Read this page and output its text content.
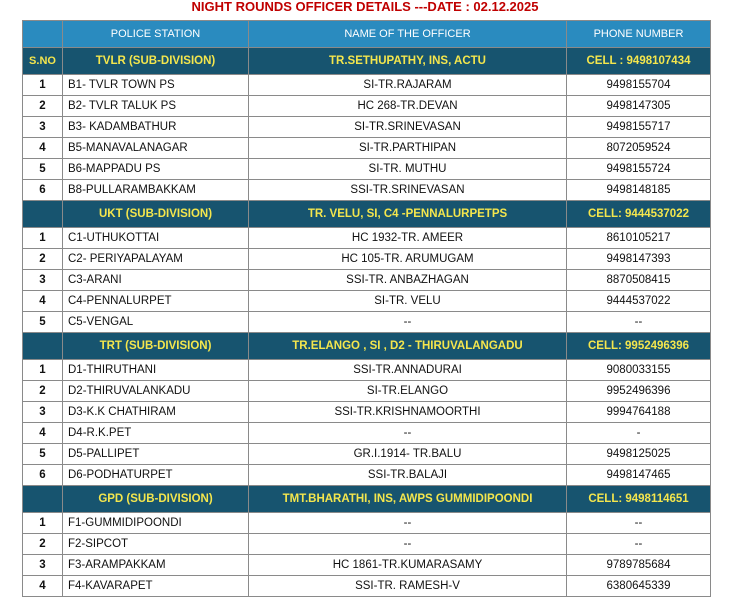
NIGHT ROUNDS OFFICER DETAILS ---DATE : 02.12.2025
	POLICE STATION	NAME OF THE OFFICER	PHONE NUMBER
S.NO	TVLR (SUB-DIVISION)	TR.SETHUPATHY, INS, ACTU	CELL : 9498107434
1	B1- TVLR TOWN PS	SI-TR.RAJARAM	9498155704
2	B2- TVLR TALUK PS	HC 268-TR.DEVAN	9498147305
3	B3- KADAMBATHUR	SI-TR.SRINEVASAN	9498155717
4	B5-MANAVALANAGAR	SI-TR.PARTHIPAN	8072059524
5	B6-MAPPADU PS	SI-TR. MUTHU	9498155724
6	B8-PULLARAMBAKKAM	SSI-TR.SRINEVASAN	9498148185
	UKT (SUB-DIVISION)	TR. VELU, SI, C4 -PENNALURPETPS	CELL: 9444537022
1	C1-UTHUKOTTAI	HC 1932-TR. AMEER	8610105217
2	C2- PERIYAPALAYAM	HC 105-TR. ARUMUGAM	9498147393
3	C3-ARANI	SSI-TR. ANBAZHAGAN	8870508415
4	C4-PENNALURPET	SI-TR. VELU	9444537022
5	C5-VENGAL	--	--
	TRT (SUB-DIVISION)	TR.ELANGO , SI , D2 - THIRUVALANGADU	CELL: 9952496396
1	D1-THIRUTHANI	SSI-TR.ANNADURAI	9080033155
2	D2-THIRUVALANKADU	SI-TR.ELANGO	9952496396
3	D3-K.K CHATHIRAM	SSI-TR.KRISHNAMOORTHI	9994764188
4	D4-R.K.PET	--	-
5	D5-PALLIPET	GR.I.1914- TR.BALU	9498125025
6	D6-PODHATURPET	SSI-TR.BALAJI	9498147465
	GPD (SUB-DIVISION)	TMT.BHARATHI, INS, AWPS GUMMIDIPOONDI	CELL: 9498114651
1	F1-GUMMIDIPOONDI	--	--
2	F2-SIPCOT	--	--
3	F3-ARAMPAKKAM	HC 1861-TR.KUMARASAMY	9789785684
4	F4-KAVARAPET	SSI-TR. RAMESH-V	6380645339
